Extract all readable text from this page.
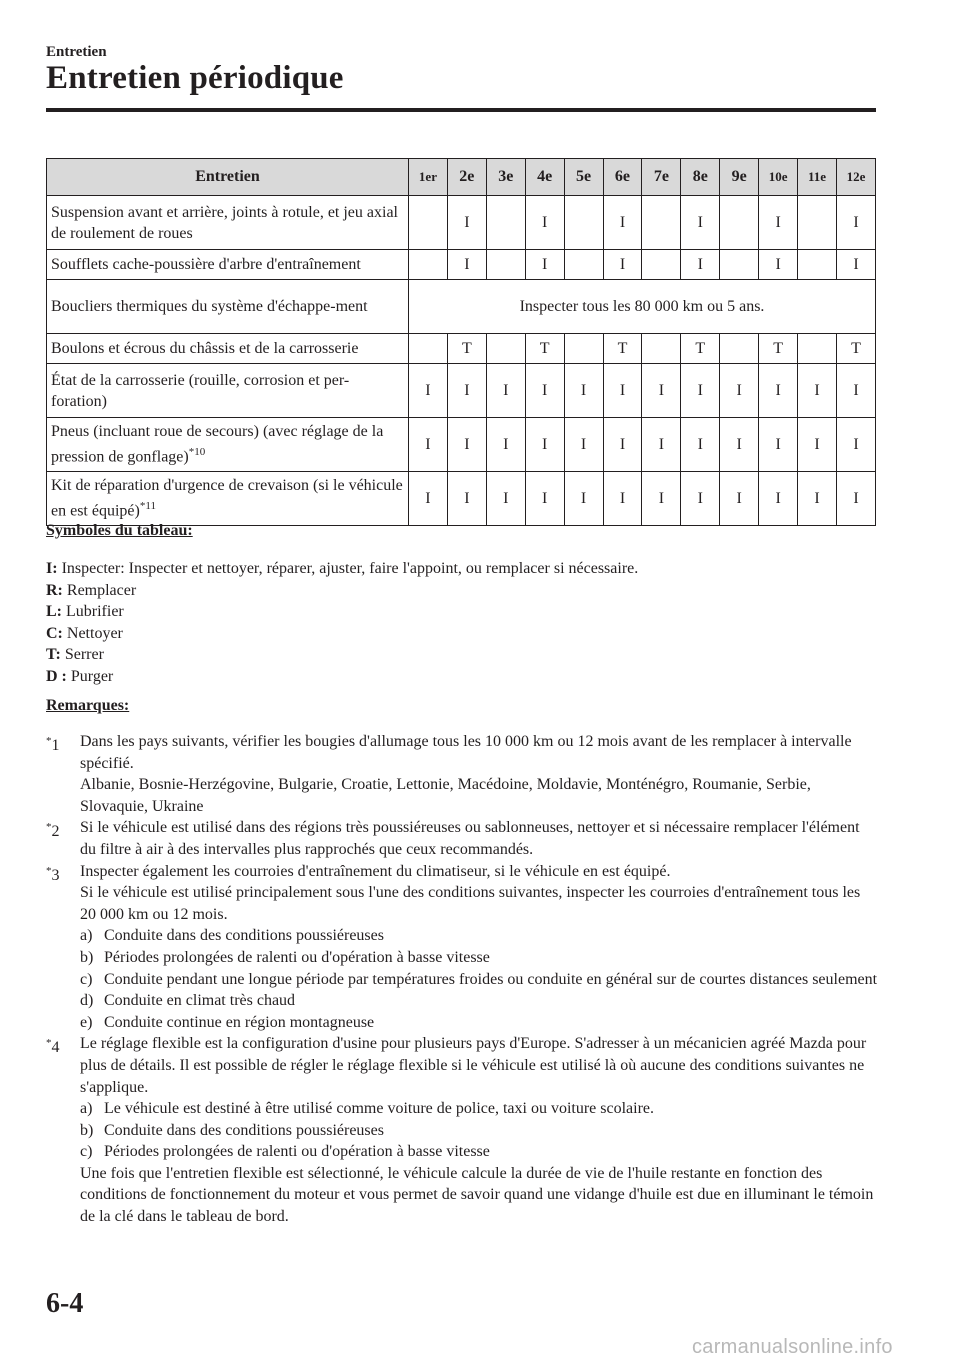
Entretien
Entretien périodique
Entretien	1er	2e	3e	4e	5e	6e	7e	8e	9e	10e	11e	12e
Suspension avant et arrière, joints à rotule, et jeu axial de roulement de roues		I		I		I		I		I		I
Soufflets cache-poussière d'arbre d'entraînement		I		I		I		I		I		I
Boucliers thermiques du système d'échappe-ment	Inspecter tous les 80 000 km ou 5 ans.											
Boulons et écrous du châssis et de la carrosserie		T		T		T		T		T		T
État de la carrosserie (rouille, corrosion et per-foration)	I	I	I	I	I	I	I	I	I	I	I	I
Pneus (incluant roue de secours) (avec réglage de la pression de gonflage)$^{*10}$	I	I	I	I	I	I	I	I	I	I	I	I
Kit de réparation d'urgence de crevaison (si le véhicule en est équipé)$^{*11}$	I	I	I	I	I	I	I	I	I	I	I	I
Symboles du tableau:
I: Inspecter: Inspecter et nettoyer, réparer, ajuster, faire l'appoint, ou remplacer si nécessaire.
R: Remplacer
L: Lubrifier
C: Nettoyer
T: Serrer
D : Purger
Remarques:
*1 Dans les pays suivants, vérifier les bougies d'allumage tous les 10 000 km ou 12 mois avant de les remplacer à intervalle spécifié.

Albanie, Bosnie-Herzégovine, Bulgarie, Croatie, Lettonie, Macédoine, Moldavie, Monténégro, Roumanie, Serbie, Slovaquie, Ukraine

*2 Si le véhicule est utilisé dans des régions très poussiéreuses ou sablonneuses, nettoyer et si nécessaire remplacer l'élément du filtre à air à des intervalles plus rapprochés que ceux recommandés.

*3 Inspecter également les courroies d'entraînement du climatiseur, si le véhicule en est équipé.

Si le véhicule est utilisé principalement sous l'une des conditions suivantes, inspecter les courroies d'entraînement tous les 20 000 km ou 12 mois.

a) Conduite dans des conditions poussiéreuses
b) Périodes prolongées de ralenti ou d'opération à basse vitesse
c) Conduite pendant une longue période par températures froides ou conduite en général sur de courtes distances seulement
d) Conduite en climat très chaud
e) Conduite continue en région montagneuse
*4 Le réglage flexible est la configuration d'usine pour plusieurs pays d'Europe. S'adresser à un mécanicien agréé Mazda pour plus de détails. Il est possible de régler le réglage flexible si le véhicule est utilisé là où aucune des conditions suivantes ne s'applique.

a) Le véhicule est destiné à être utilisé comme voiture de police, taxi ou voiture scolaire.
b) Conduite dans des conditions poussiéreuses
c) Périodes prolongées de ralenti ou d'opération à basse vitesse

Une fois que l'entretien flexible est sélectionné, le véhicule calcule la durée de vie de l'huile restante en fonction des conditions de fonctionnement du moteur et vous permet de savoir quand une vidange d'huile est due en illuminant le témoin de la clé dans le tableau de bord.

6-4
carmanualsonline.info
